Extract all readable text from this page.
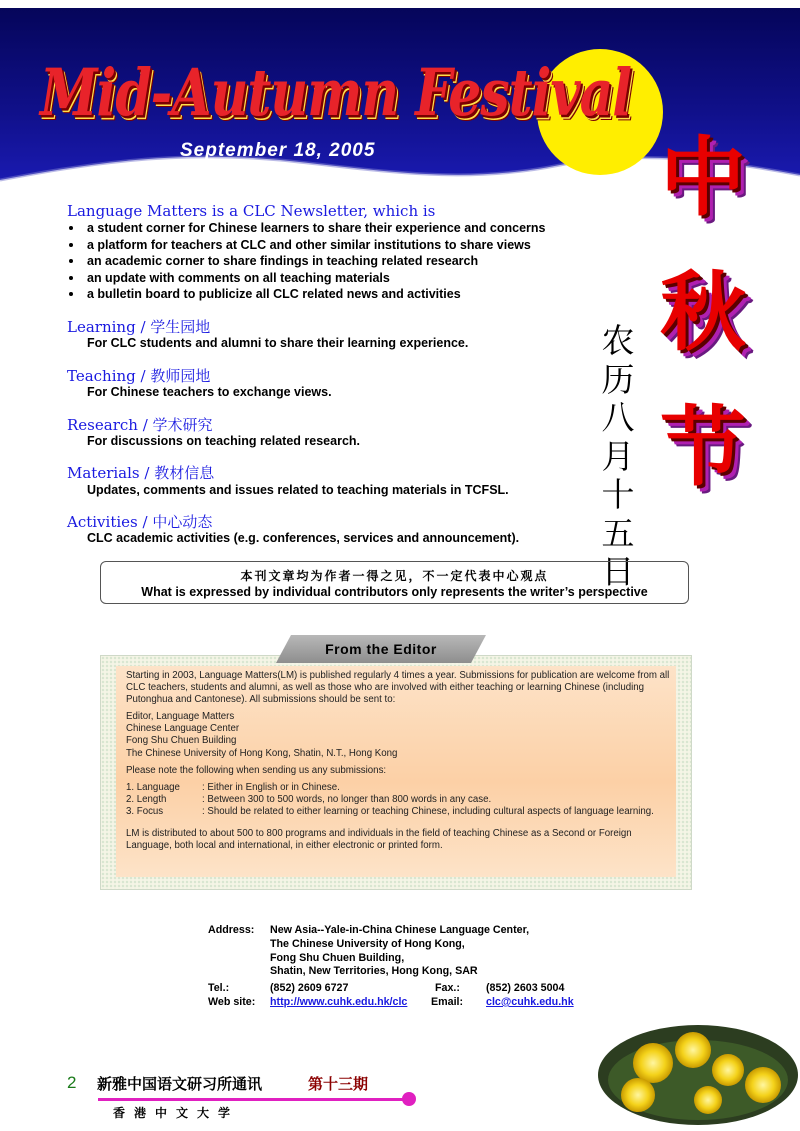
Mid-Autumn Festival
September 18, 2005	中
秋
节
农
历
八
月
十
五
日
Language Matters is a CLC Newsletter, which is
a student corner for Chinese learners to share their experience and concerns
a platform for teachers at CLC and other similar institutions to share views
an academic corner to share findings in teaching related research
an update with comments on all teaching materials
a bulletin board to publicize all CLC related news and activities
Learning / 学生园地
For CLC students and alumni to share their learning experience.
Teaching / 教师园地
For Chinese teachers to exchange views.
Research / 学术研究
For discussions on teaching related research.
Materials / 教材信息
Updates, comments and issues related to teaching materials in TCFSL.
Activities / 中心动态
CLC academic activities (e.g. conferences, services and announcement).
本刊文章均为作者一得之见，不一定代表中心观点
What is expressed by individual contributors only represents the writer’s perspective
From the Editor

Starting in 2003, Language Matters(LM) is published regularly 4 times a year. Submissions for publication are welcome from all CLC teachers, students and alumni, as well as those who are involved with either teaching or learning Chinese (including Putonghua and Cantonese). All submissions should be sent to:

Editor, Language Matters

Chinese Language Center

Fong Shu Chuen Building

The Chinese University of Hong Kong, Shatin, N.T., Hong Kong

Please note the following when sending us any submissions:

1. Language	: Either in English or in Chinese.
2. Length	: Between 300 to 500 words, no longer than 800 words in any case.
3. Focus	: Should be related to either learning or teaching Chinese, including cultural aspects of language learning.

LM is distributed to about 500 to 800 programs and individuals in the field of teaching Chinese as a Second or Foreign Language, both local and international, in either electronic or printed form.

Address:	New Asia--Yale-in-China Chinese Language Center,
The Chinese University of Hong Kong,
Fong Shu Chuen Building,
Shatin, New Territories, Hong Kong, SAR
Tel.:	(852) 2609 6727	Fax.:	(852) 2603 5004
Web site:	http://www.cuhk.edu.hk/clc	Email:	clc@cuhk.edu.hk
2 新雅中国语文研习所通讯	第十三期
香港中文大学
